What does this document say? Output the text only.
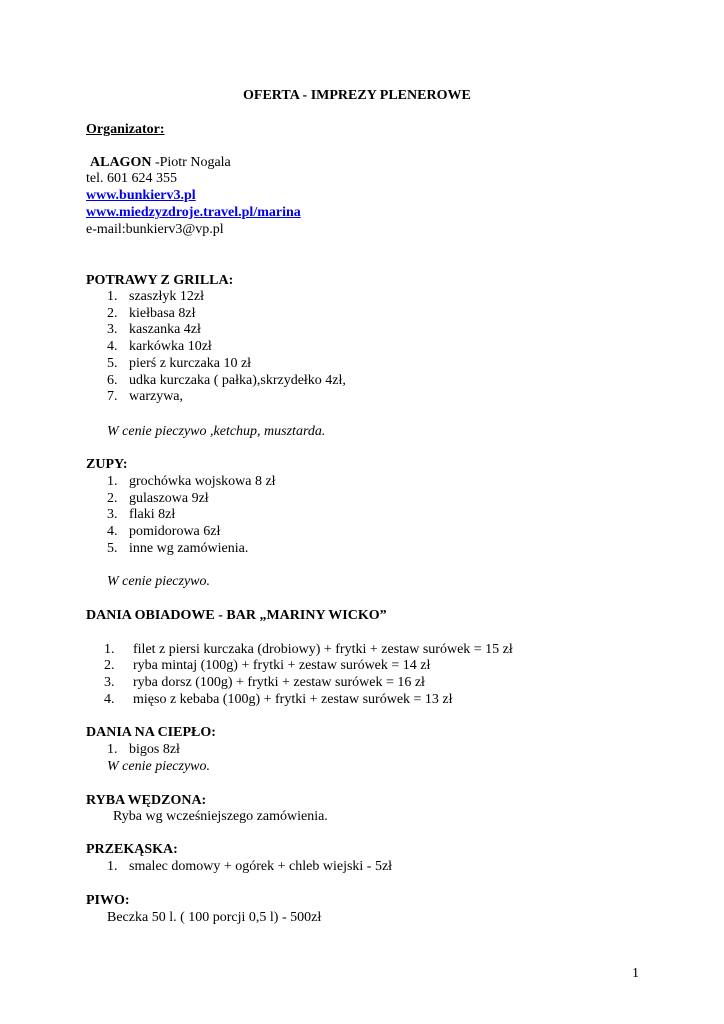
OFERTA - IMPREZY PLENEROWE
Organizator:
ALAGON -Piotr Nogala
tel. 601 624 355
www.bunkierv3.pl
www.miedzyzdroje.travel.pl/marina
e-mail:bunkierv3@vp.pl
POTRAWY Z GRILLA:
1. szaszłyk 12zł
2. kiełbasa 8zł
3. kaszanka 4zł
4. karkówka 10zł
5. pierś z kurczaka 10 zł
6. udka kurczaka ( pałka),skrzydełko 4zł,
7. warzywa,
W cenie pieczywo ,ketchup, musztarda.
ZUPY:
1. grochówka wojskowa 8 zł
2. gulaszowa 9zł
3. flaki 8zł
4. pomidorowa 6zł
5. inne wg zamówienia.
W cenie pieczywo.
DANIA OBIADOWE - BAR „MARINY WICKO”
1. filet z piersi kurczaka (drobiowy) + frytki + zestaw surówek = 15 zł
2. ryba mintaj (100g) + frytki + zestaw surówek = 14 zł
3. ryba dorsz (100g) + frytki + zestaw surówek = 16 zł
4. mięso z kebaba (100g) + frytki + zestaw surówek = 13 zł
DANIA NA CIEPŁO:
1. bigos 8zł
W cenie pieczywo.
RYBA WĘDZONA:
Ryba wg wcześniejszego zamówienia.
PRZEKĄSKA:
1. smalec domowy + ogórek + chleb wiejski - 5zł
PIWO:
Beczka 50 l. ( 100 porcji 0,5 l) - 500zł
1
